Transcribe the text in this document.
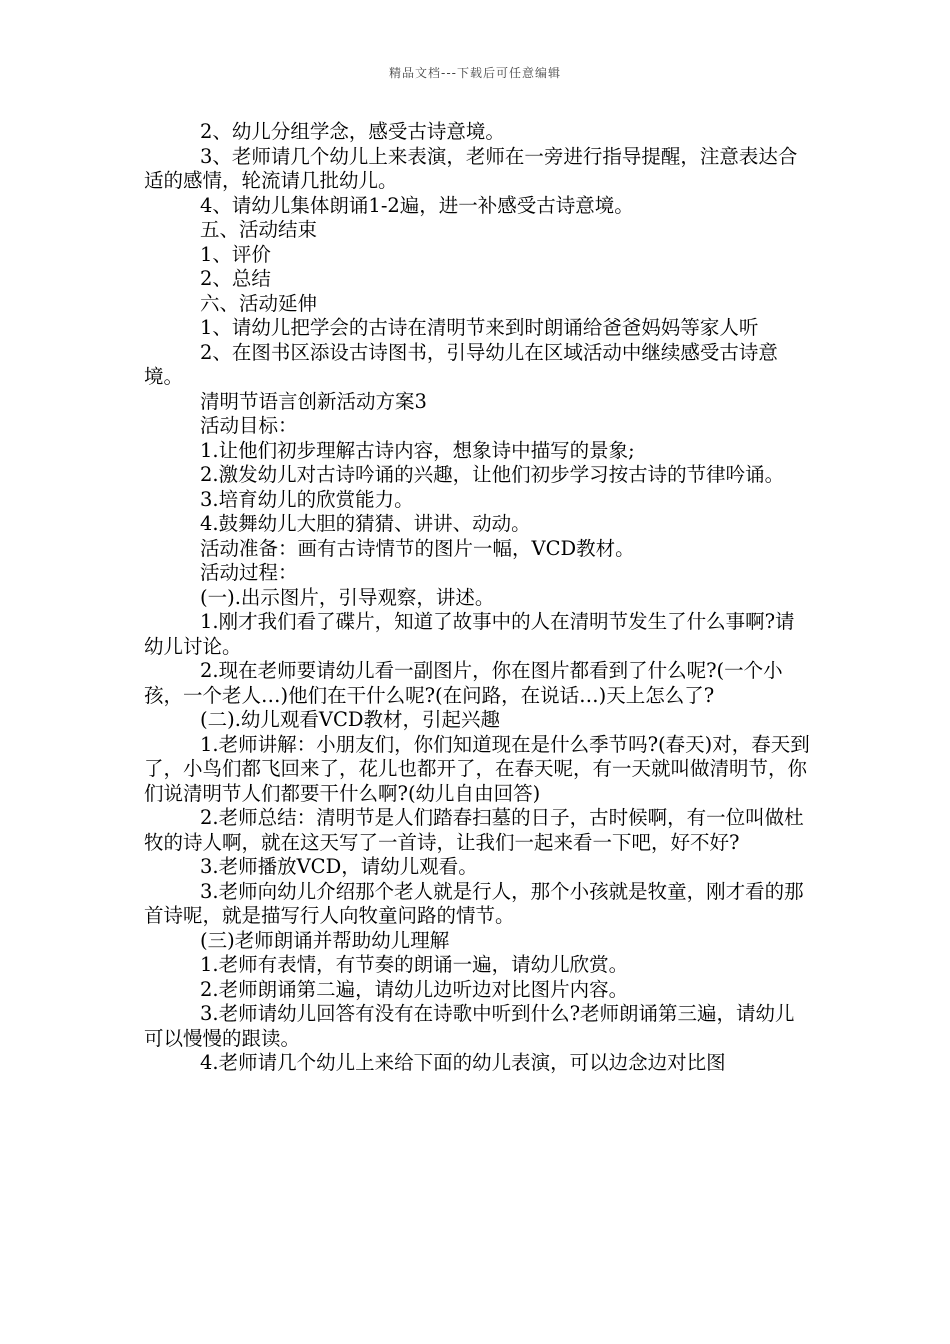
精品文档---下载后可任意编辑

2、幼儿分组学念，感受古诗意境。

3、老师请几个幼儿上来表演，老师在一旁进行指导提醒，注意表达合适的感情，轮流请几批幼儿。

4、请幼儿集体朗诵1-2遍，进一补感受古诗意境。

五、活动结束

1、评价

2、总结

六、活动延伸

1、请幼儿把学会的古诗在清明节来到时朗诵给爸爸妈妈等家人听

2、在图书区添设古诗图书，引导幼儿在区域活动中继续感受古诗意境。

清明节语言创新活动方案3

活动目标：

1.让他们初步理解古诗内容，想象诗中描写的景象;

2.激发幼儿对古诗吟诵的兴趣，让他们初步学习按古诗的节律吟诵。

3.培育幼儿的欣赏能力。

4.鼓舞幼儿大胆的猜猜、讲讲、动动。

活动准备：画有古诗情节的图片一幅，VCD教材。

活动过程：

(一).出示图片，引导观察，讲述。

1.刚才我们看了碟片，知道了故事中的人在清明节发生了什么事啊?请幼儿讨论。

2.现在老师要请幼儿看一副图片，你在图片都看到了什么呢?(一个小孩，一个老人…)他们在干什么呢?(在问路，在说话…)天上怎么了?

(二).幼儿观看VCD教材，引起兴趣

1.老师讲解：小朋友们，你们知道现在是什么季节吗?(春天)对，春天到了，小鸟们都飞回来了，花儿也都开了，在春天呢，有一天就叫做清明节，你们说清明节人们都要干什么啊?(幼儿自由回答)

2.老师总结：清明节是人们踏春扫墓的日子，古时候啊，有一位叫做杜牧的诗人啊，就在这天写了一首诗，让我们一起来看一下吧，好不好?

3.老师播放VCD，请幼儿观看。

3.老师向幼儿介绍那个老人就是行人，那个小孩就是牧童，刚才看的那首诗呢，就是描写行人向牧童问路的情节。

(三)老师朗诵并帮助幼儿理解

1.老师有表情，有节奏的朗诵一遍，请幼儿欣赏。

2.老师朗诵第二遍，请幼儿边听边对比图片内容。

3.老师请幼儿回答有没有在诗歌中听到什么?老师朗诵第三遍，请幼儿可以慢慢的跟读。

4.老师请几个幼儿上来给下面的幼儿表演，可以边念边对比图
